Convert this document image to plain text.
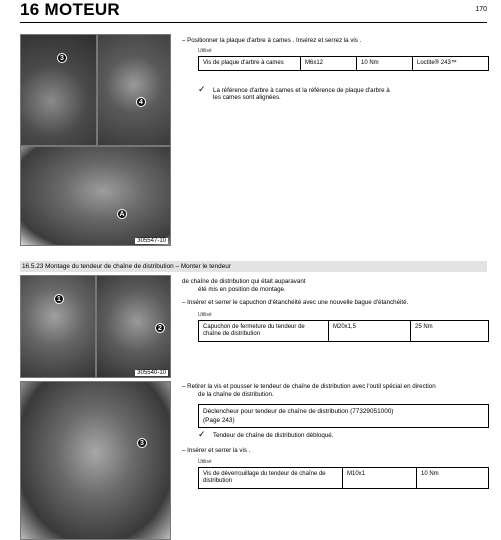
16 MOTEUR	170
3
4
A
305547-10
– Positionner la plaque d'arbre à cames . Insérez et serrez la vis .
Utilisé
Vis de plaque d'arbre à cames	M6x12	10 Nm	Loctite® 243™
✓ La référence d'arbre à cames et la référence de plaque d'arbre à
les cames sont alignées.
16.5.23 Montage du tendeur de chaîne de distribution – Monter le tendeur
1
2
305540-10
de chaîne de distribution qui était auparavant
été mis en position de montage.
– Insérer et serrer le capuchon d'étanchéité avec une nouvelle bague d'étanchéité.
Utilisé
Capuchon de fermeture du tendeur de chaîne de distribution	M20x1,5	25 Nm
3
– Retirer la vis et pousser le tendeur de chaîne de distribution avec l'outil spécial en direction
de la chaîne de distribution.
Déclencheur pour tendeur de chaîne de distribution (77329051000)
(Page 243)
✓ Tendeur de chaîne de distribution débloqué.
– Insérer et serrer la vis .
Utilisé
Vis de déverrouillage du tendeur de chaîne de distribution	M10x1	10 Nm
